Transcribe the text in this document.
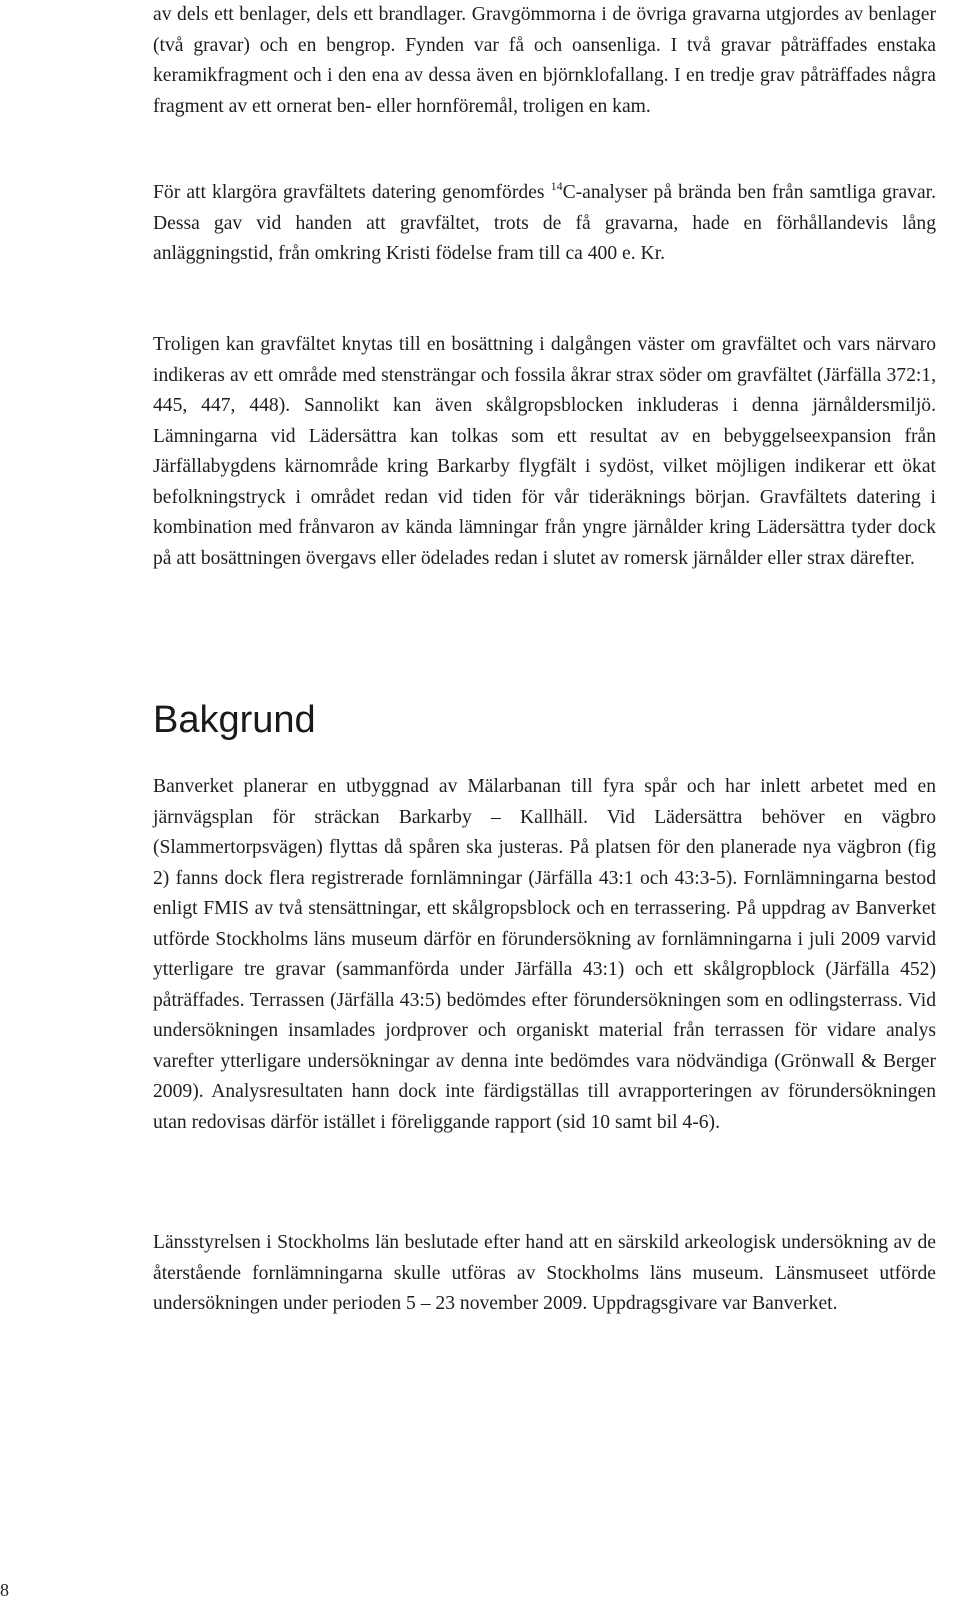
av dels ett benlager, dels ett brandlager. Gravgömmorna i de övriga gravarna utgjordes av benlager (två gravar) och en bengrop. Fynden var få och oansenliga. I två gravar påträffades enstaka keramikfragment och i den ena av dessa även en björnklofallang. I en tredje grav påträffades några fragment av ett ornerat ben- eller hornföremål, troligen en kam.

För att klargöra gravfältets datering genomfördes $^{14}$C-analyser på brända ben från samtliga gravar. Dessa gav vid handen att gravfältet, trots de få gravarna, hade en förhållandevis lång anläggningstid, från omkring Kristi födelse fram till ca 400 e. Kr.

Troligen kan gravfältet knytas till en bosättning i dalgången väster om gravfältet och vars närvaro indikeras av ett område med stensträngar och fossila åkrar strax söder om gravfältet (Järfälla 372:1, 445, 447, 448). Sannolikt kan även skålgropsblocken inkluderas i denna järnåldersmiljö. Lämningarna vid Lädersättra kan tolkas som ett resultat av en bebyggelseexpansion från Järfällabygdens kärnområde kring Barkarby flygfält i sydöst, vilket möjligen indikerar ett ökat befolkningstryck i området redan vid tiden för vår tideräknings början. Gravfältets datering i kombination med frånvaron av kända lämningar från yngre järnålder kring Lädersättra tyder dock på att bosättningen övergavs eller ödelades redan i slutet av romersk järnålder eller strax därefter.

Bakgrund

Banverket planerar en utbyggnad av Mälarbanan till fyra spår och har inlett arbetet med en järnvägsplan för sträckan Barkarby – Kallhäll. Vid Lädersättra behöver en vägbro (Slammertorpsvägen) flyttas då spåren ska justeras. På platsen för den planerade nya vägbron (fig 2) fanns dock flera registrerade fornlämningar (Järfälla 43:1 och 43:3-5). Fornlämningarna bestod enligt FMIS av två stensättningar, ett skålgropsblock och en terrassering. På uppdrag av Banverket utförde Stockholms läns museum därför en förundersökning av fornlämningarna i juli 2009 varvid ytterligare tre gravar (sammanförda under Järfälla 43:1) och ett skålgropblock (Järfälla 452) påträffades. Terrassen (Järfälla 43:5) bedömdes efter förundersökningen som en odlingsterrass. Vid undersökningen insamlades jordprover och organiskt material från terrassen för vidare analys varefter ytterligare undersökningar av denna inte bedömdes vara nödvändiga (Grönwall & Berger 2009). Analysresultaten hann dock inte färdigställas till avrapporteringen av förundersökningen utan redovisas därför istället i föreliggande rapport (sid 10 samt bil 4-6).

Länsstyrelsen i Stockholms län beslutade efter hand att en särskild arkeologisk undersökning av de återstående fornlämningarna skulle utföras av Stockholms läns museum. Länsmuseet utförde undersökningen under perioden 5 – 23 november 2009. Uppdragsgivare var Banverket.

8
